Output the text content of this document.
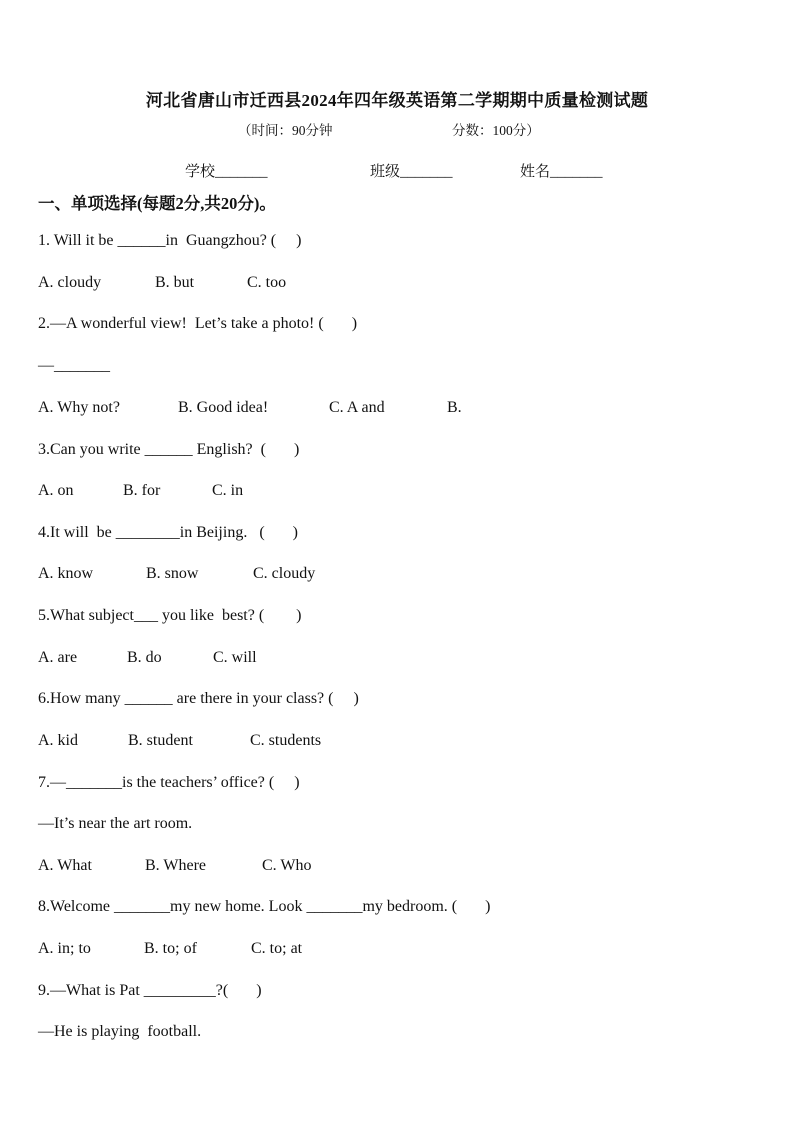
河北省唐山市迁西县2024年四年级英语第二学期期中质量检测试题
（时间：90分钟	分数：100分）
学校_______	班级_______	姓名_______
一、单项选择(每题2分,共20分)。
1. Will it be ______in  Guangzhou? (     )
A. cloudy	B. but	C. too
2.—A wonderful view!  Let’s take a photo! (       )
—_______
A. Why not?	B. Good idea!	C. A and	B.
3.Can you write ______ English?  (       )
A. on	B. for	C. in
4.It will  be ________in Beijing.   (       )
A. know	B. snow	C. cloudy
5.What subject___ you like  best? (        )
A. are	B. do	C. will
6.How many ______ are there in your class? (     )
A. kid	B. student	C. students
7.—_______is the teachers’ office? (     )
—It’s near the art room.
A. What	B. Where	C. Who
8.Welcome _______my new home. Look _______my bedroom. (       )
A. in; to	B. to; of	C. to; at
9.—What is Pat _________?(       )
—He is playing  football.
